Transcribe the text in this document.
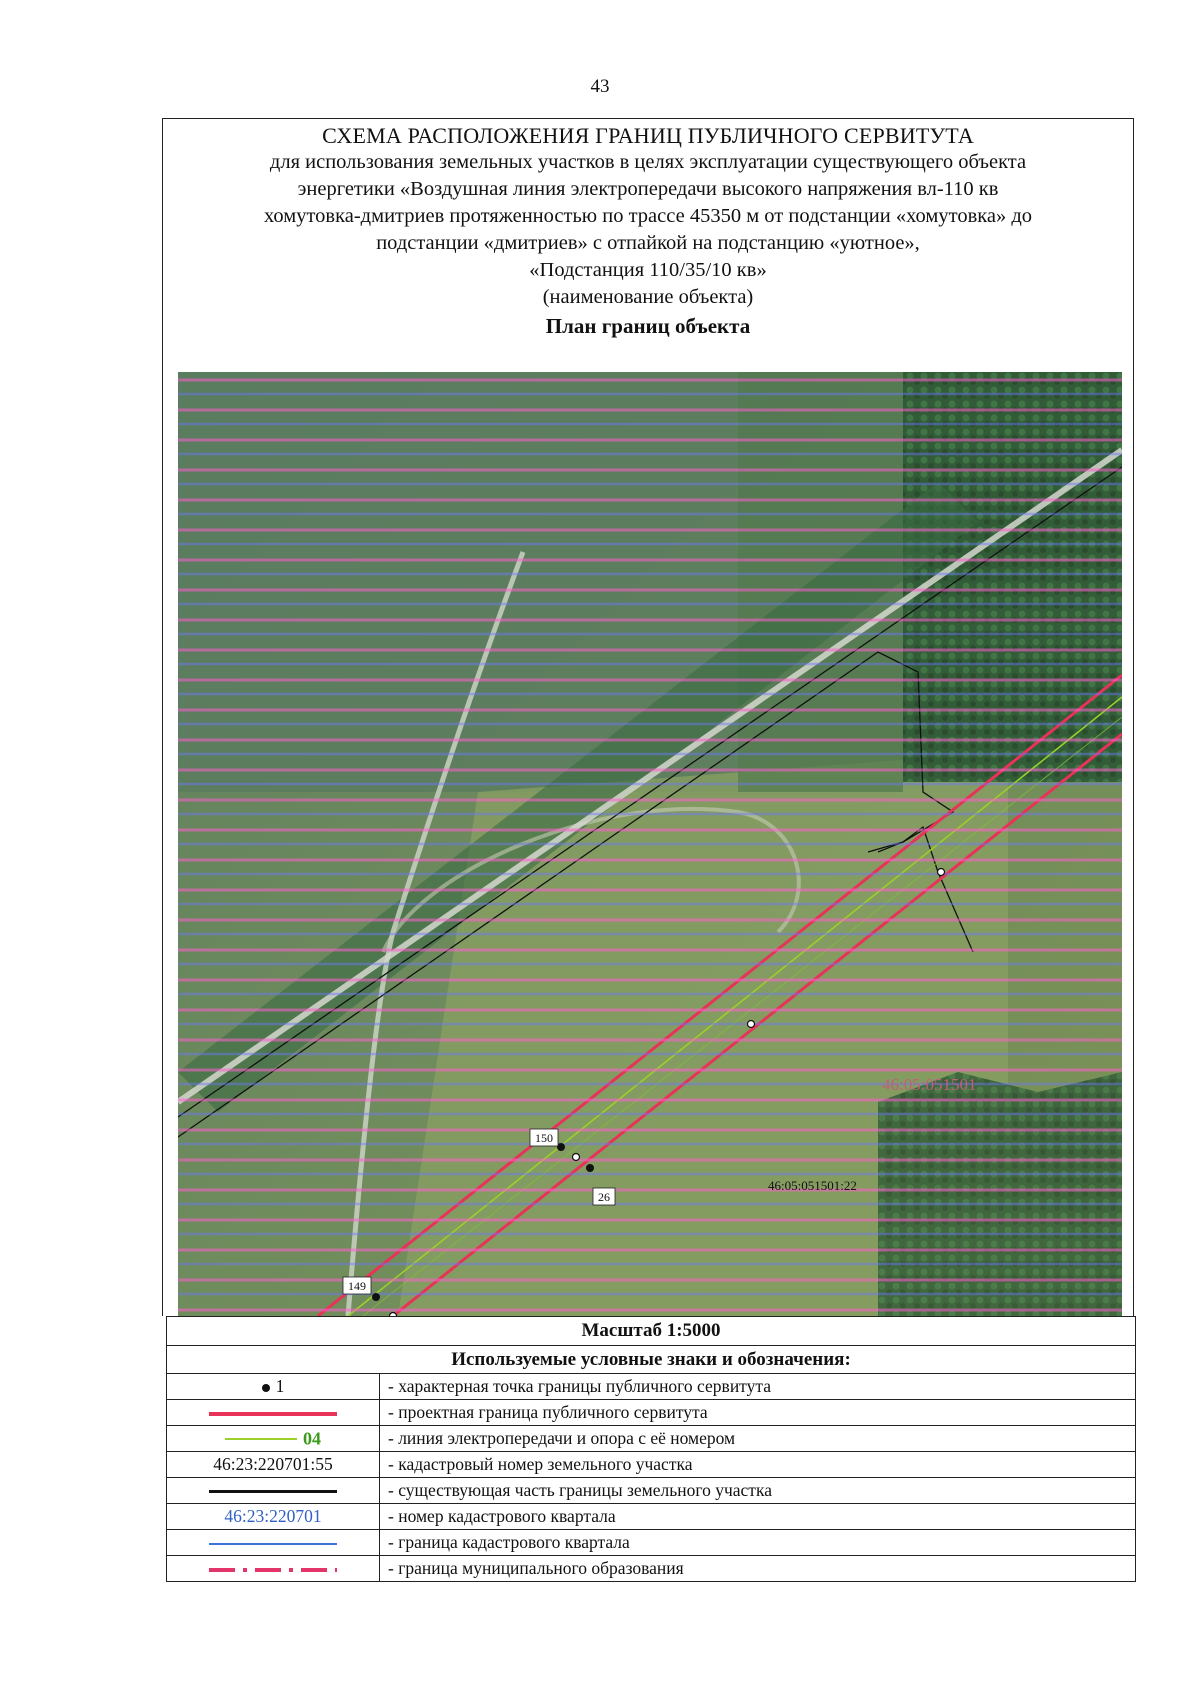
43
СХЕМА РАСПОЛОЖЕНИЯ ГРАНИЦ ПУБЛИЧНОГО СЕРВИТУТА
для использования земельных участков в целях эксплуатации существующего объекта
энергетики «Воздушная линия электропередачи высокого напряжения вл-110 кв
хомутовка-дмитриев протяженностью по трассе 45350 м от подстанции «хомутовка» до
подстанции «дмитриев» с отпайкой на подстанцию «уютное»,
«Подстанция 110/35/10 кв»
(наименование объекта)
План границ объекта
150
26
149
46:05:051501
46:05:051501:22
Масштаб 1:5000	
Используемые условные знаки и обозначения:	
1	- характерная точка границы публичного сервитута
	- проектная граница публичного сервитута
04	- линия электропередачи и опора с её номером
46:23:220701:55	- кадастровый номер земельного участка
	- существующая часть границы земельного участка
46:23:220701	- номер кадастрового квартала
	- граница кадастрового квартала
	- граница муниципального образования
